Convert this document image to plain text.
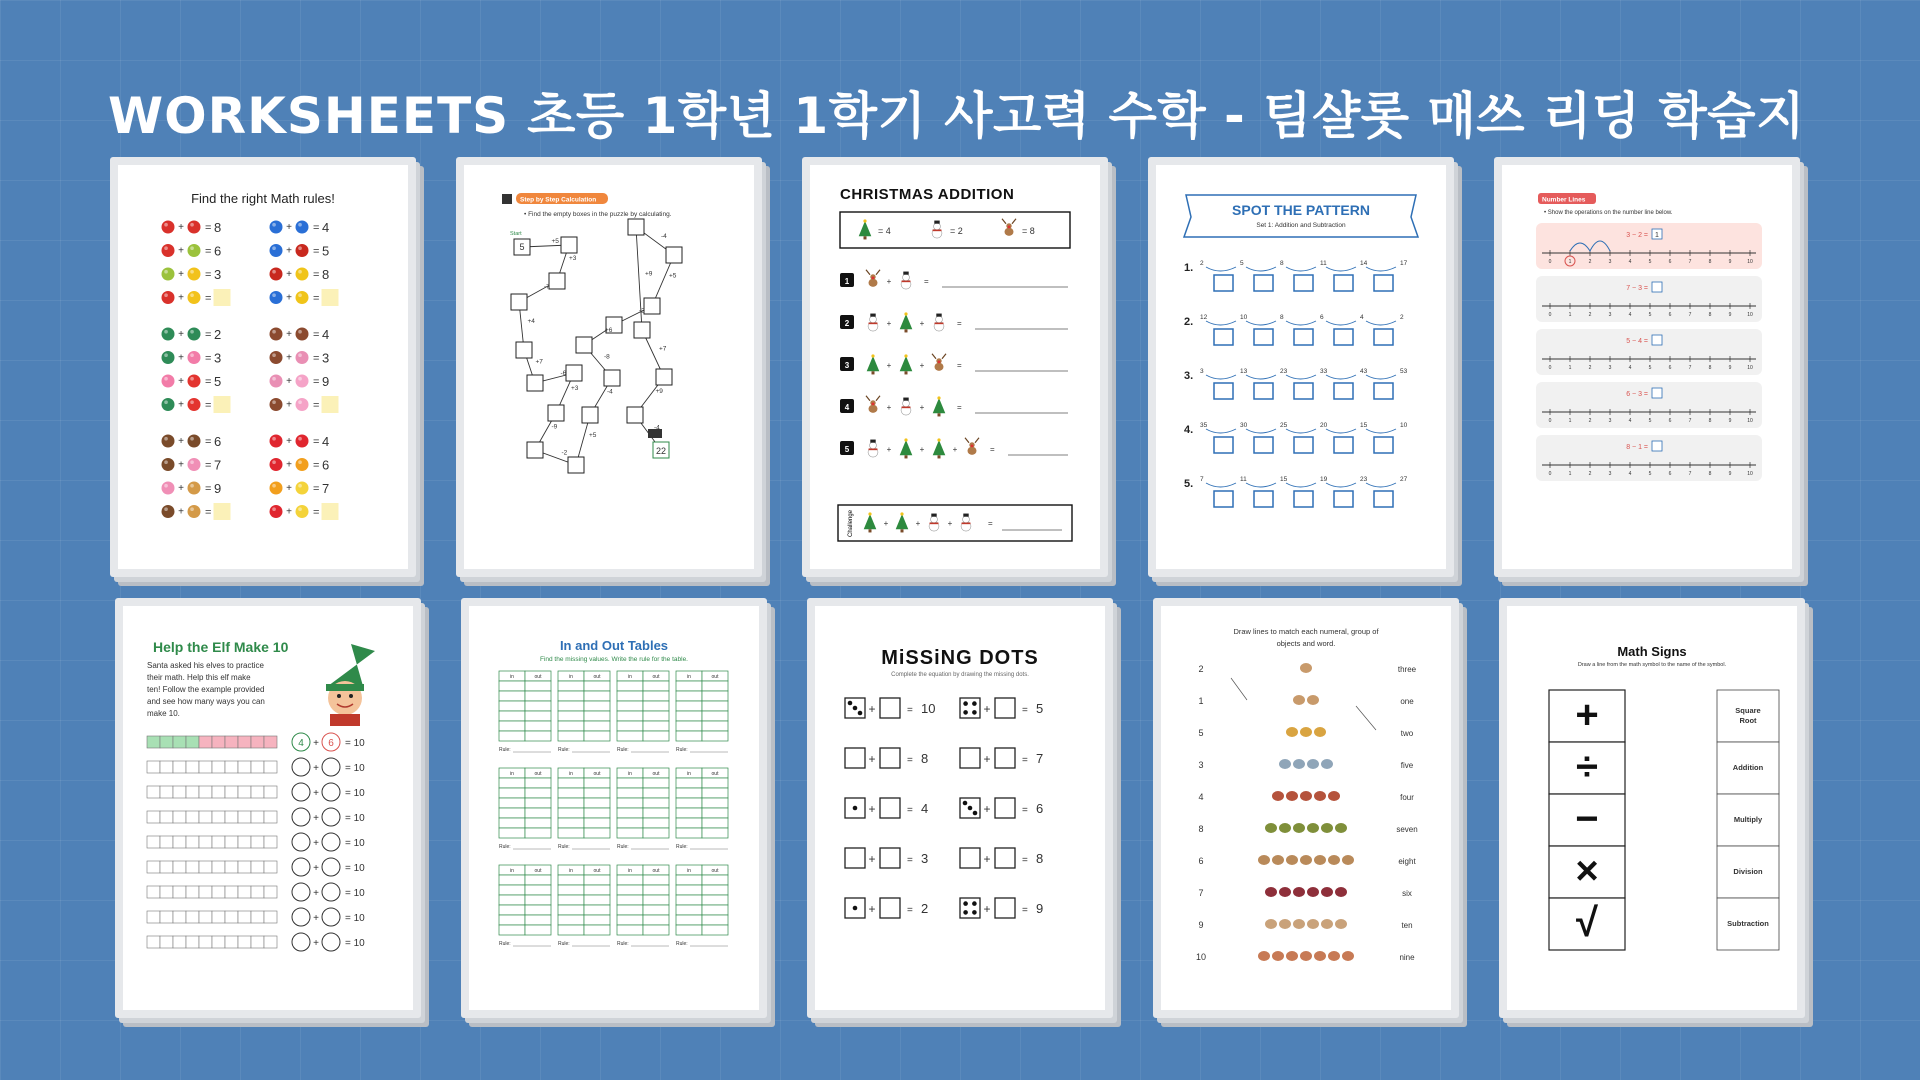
WORKSHEETS 초등 1학년 1학기 사고력 수학 - 팀샬롯 매쓰 리딩 학습지
Find the right Math rules!
+ = 8
+ = 6
+ = 3
+ =
+ = 4
+ = 5
+ = 8
+ =
+ = 2
+ = 3
+ = 5
+ =
+ = 4
+ = 3
+ = 9
+ =
+ = 6
+ = 7
+ = 9
+ =
+ = 4
+ = 6
+ = 7
+ =
Step by Step Calculation
• Find the empty boxes in the puzzle by calculating.
5
Start
22
+5
+3
-7
+4
+7
-6
+3
-9
-2
+5
-4
-8
+6
-2
+5
-4
+9
+7
+9
-4
CHRISTMAS ADDITION
= 4	= 2	= 8
1	+	=
2	+	+	=
3	+	+	=
4	+	+	=
5	+	+	+	=
Challenge	+	+	+	=
SPOT THE PATTERN
Set 1: Addition and Subtraction
1. 2	5	8	11	14	17
2. 12	10	8	6	4	2
3. 3	13	23	33	43	53
4. 35	30	25	20	15	10
5. 7	11	15	19	23	27
Number Lines
• Show the operations on the number line below.
3 − 2 = 1
0	1	2	3	4	5	6	7	8	9	10
7 − 3 =
0	1	2	3	4	5	6	7	8	9	10
5 − 4 =
0	1	2	3	4	5	6	7	8	9	10
6 − 3 =
0	1	2	3	4	5	6	7	8	9	10
8 − 1 =
0	1	2	3	4	5	6	7	8	9	10
Help the Elf Make 10
Santa asked his elves to practice
their math. Help this elf make
ten! Follow the example provided
and see how many ways you can
make 10.
+	= 10
4 6
+	= 10
+	= 10
+	= 10
+	= 10
+	= 10
+	= 10
+	= 10
+	= 10
In and Out Tables
Find the missing values. Write the rule for the table.
in	out
Rule:
in	out
Rule:
in	out
Rule:
in	out
Rule:
in	out
Rule:
in	out
Rule:
in	out
Rule:
in	out
Rule:
in	out
Rule:
in	out
Rule:
in	out
Rule:
in	out
Rule:
MiSSiNG DOTS
Complete the equation by drawing the missing dots.
+	= 10
+	= 8
+	= 4
+	= 3
+	= 2
+	= 5
+	= 7
+	= 6
+	= 8
+	= 9
Draw lines to match each numeral, group of
objects and word.
2	three
1	one
5	two
3	five
4	four
8	seven
6	eight
7	six
9	ten
10	nine
Math Signs
Draw a line from the math symbol to the name of the symbol.
+
÷
−
×
√
Square
Root
Addition
Multiply
Division
Subtraction
